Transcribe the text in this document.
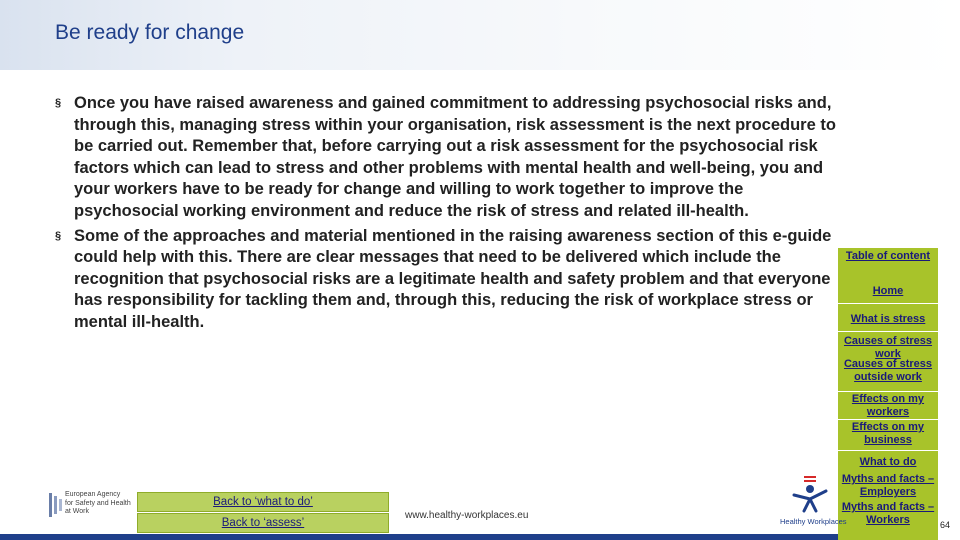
Be ready for change
§ Once you have raised awareness and gained commitment to addressing psychosocial risks and, through this, managing stress within your organisation, risk assessment is the next procedure to be carried out. Remember that, before carrying out a risk assessment for the psychosocial risk factors which can lead to stress and other problems with mental health and well-being, you and your workers have to be ready for change and willing to work together to improve the psychosocial working environment and reduce the risk of stress and related ill-health.
§ Some of the approaches and material mentioned in the raising awareness section of this e-guide could help with this. There are clear messages that need to be delivered which include the recognition that psychosocial risks are a legitimate health and safety problem and that everyone has responsibility for tackling them and, through this, reducing the risk of workplace stress or mental ill-health.
Table of content
Home
What is stress
Causes of stress work
Causes of stress outside work
Effects on my workers
Effects on my business
What to do
Myths and facts – Employers
Myths and facts – Workers	64
Back to ‘what to do’
Back to ‘assess’
www.healthy-workplaces.eu
European Agency
for Safety and Health
at Work
Healthy Workplaces
